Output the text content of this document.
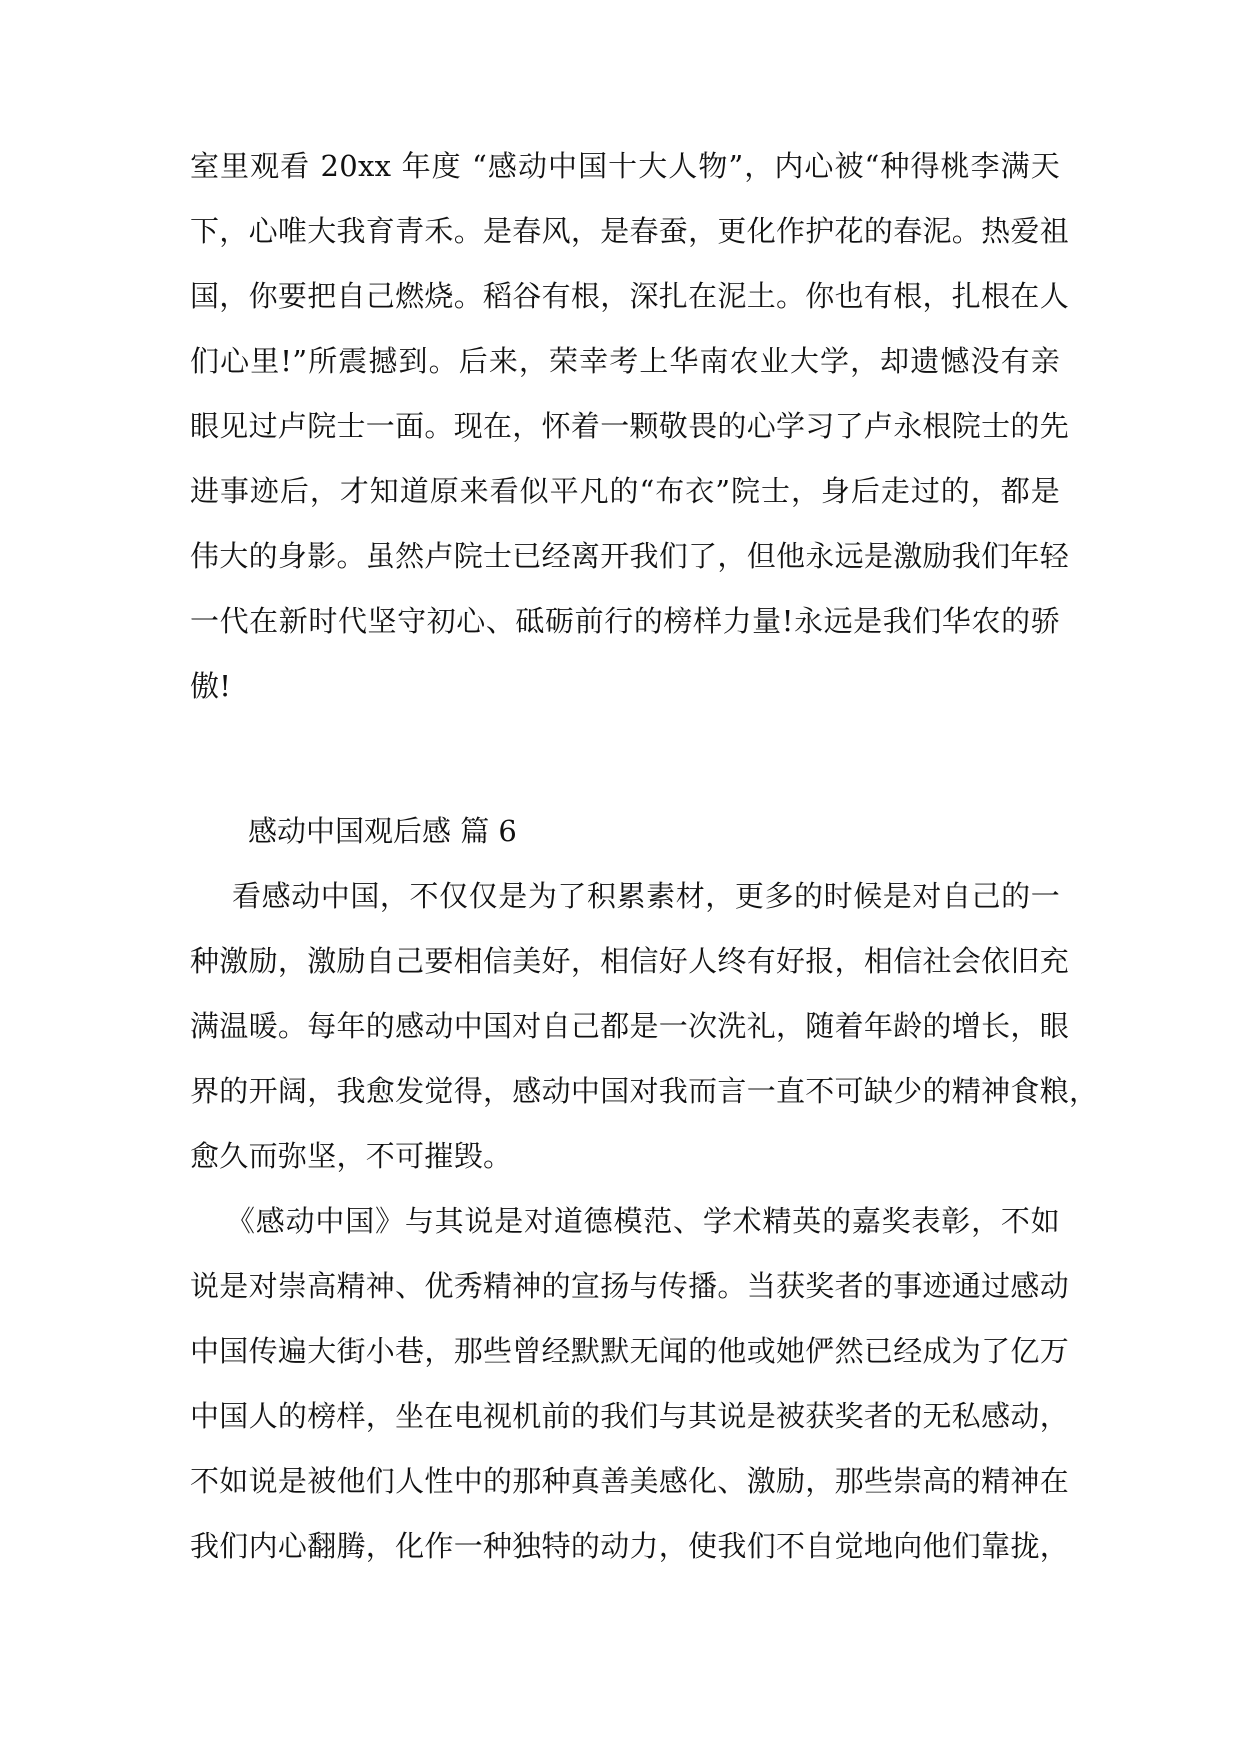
室里观看 20xx 年度 “感动中国十大人物”，内心被“种得桃李满天
下，心唯大我育青禾。是春风，是春蚕，更化作护花的春泥。热爱祖
国，你要把自己燃烧。稻谷有根，深扎在泥土。你也有根，扎根在人
们心里!”所震撼到。后来，荣幸考上华南农业大学，却遗憾没有亲
眼见过卢院士一面。现在，怀着一颗敬畏的心学习了卢永根院士的先
进事迹后，才知道原来看似平凡的“布衣”院士，身后走过的，都是
伟大的身影。虽然卢院士已经离开我们了，但他永远是激励我们年轻
一代在新时代坚守初心、砥砺前行的榜样力量!永远是我们华农的骄
傲!
感动中国观后感 篇 6
看感动中国，不仅仅是为了积累素材，更多的时候是对自己的一
种激励，激励自己要相信美好，相信好人终有好报，相信社会依旧充
满温暖。每年的感动中国对自己都是一次洗礼，随着年龄的增长，眼
界的开阔，我愈发觉得，感动中国对我而言一直不可缺少的精神食粮，
愈久而弥坚，不可摧毁。
《感动中国》与其说是对道德模范、学术精英的嘉奖表彰，不如
说是对崇高精神、优秀精神的宣扬与传播。当获奖者的事迹通过感动
中国传遍大街小巷，那些曾经默默无闻的他或她俨然已经成为了亿万
中国人的榜样，坐在电视机前的我们与其说是被获奖者的无私感动，
不如说是被他们人性中的那种真善美感化、激励，那些崇高的精神在
我们内心翻腾，化作一种独特的动力，使我们不自觉地向他们靠拢，
